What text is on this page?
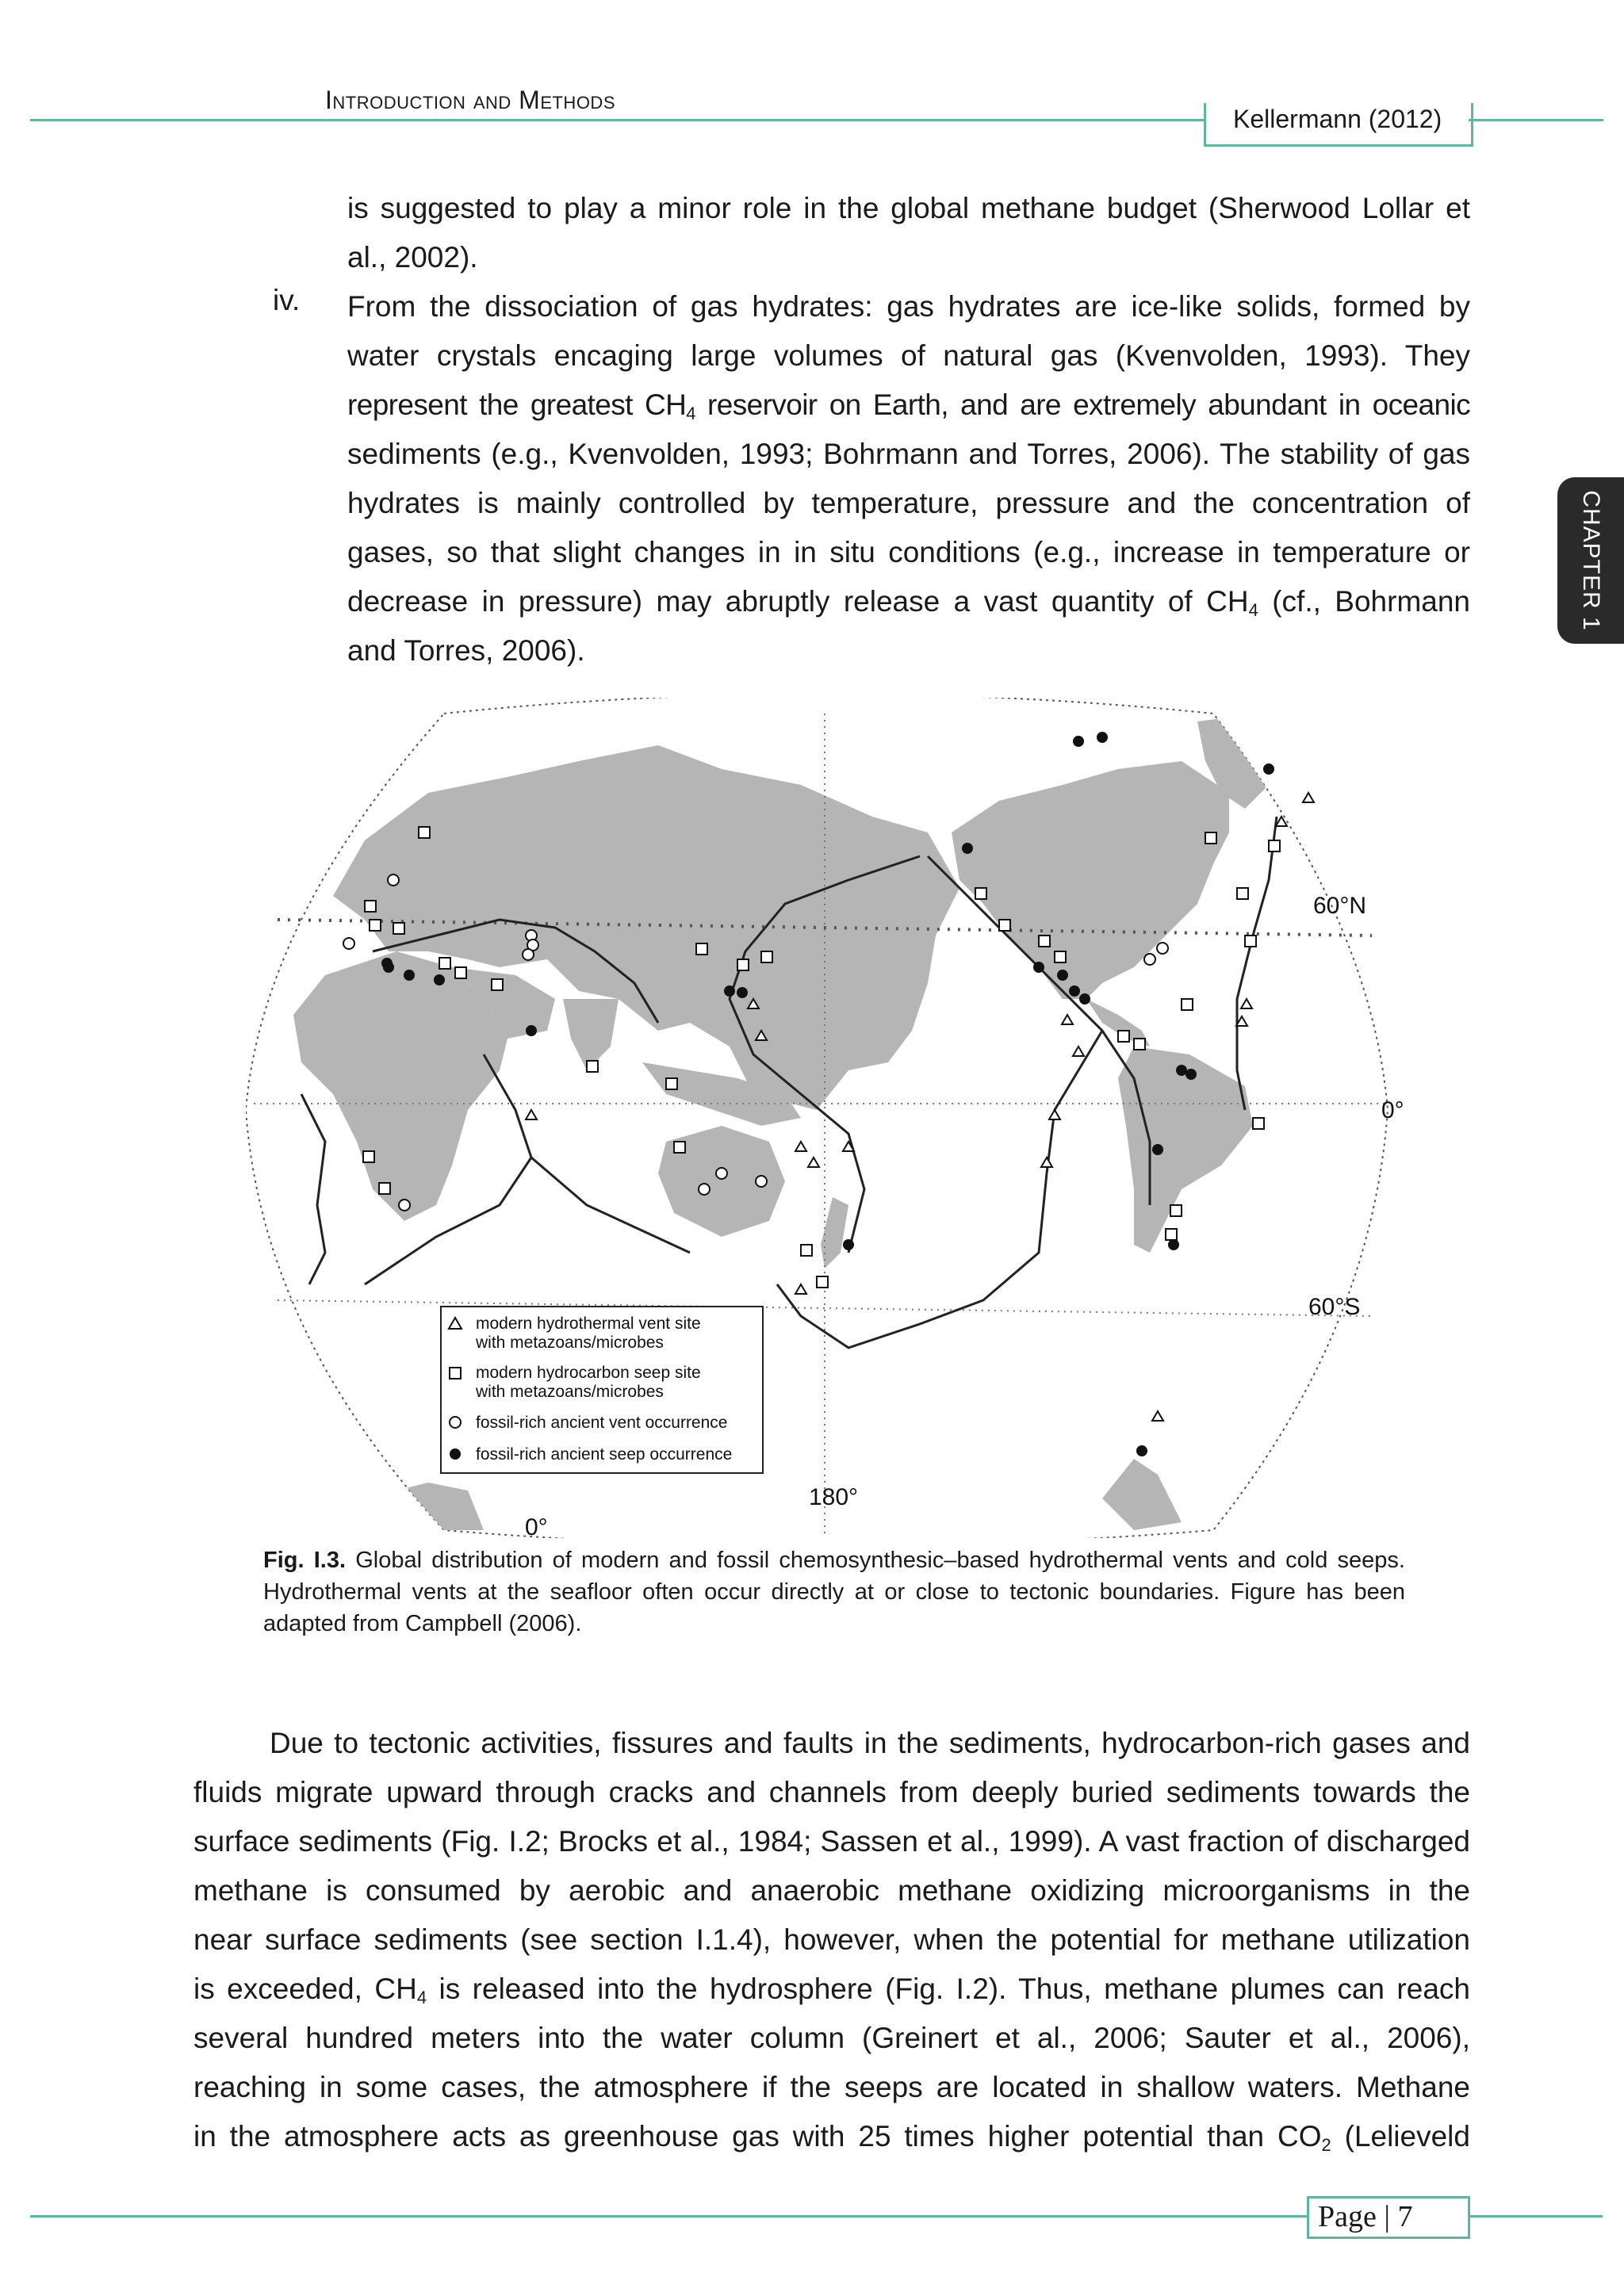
Introduction and Methods
Kellermann (2012)
CHAPTER 1
is suggested to play a minor role in the global methane budget (Sherwood Lollar et
al., 2002).
iv. From the dissociation of gas hydrates: gas hydrates are ice-like solids, formed by
water crystals encaging large volumes of natural gas (Kvenvolden, 1993). They
represent the greatest $CH_4$ reservoir on Earth, and are extremely abundant in oceanic
sediments (e.g., Kvenvolden, 1993; Bohrmann and Torres, 2006). The stability of gas
hydrates is mainly controlled by temperature, pressure and the concentration of
gases, so that slight changes in in situ conditions (e.g., increase in temperature or
decrease in pressure) may abruptly release a vast quantity of $CH_4$ (cf., Bohrmann
and Torres, 2006).
60°N
0°
60°S
180°
0°
modern hydrothermal vent site
with metazoans/microbes
modern hydrocarbon seep site
with metazoans/microbes
fossil-rich ancient vent occurrence
fossil-rich ancient seep occurrence
Fig. I.3. Global distribution of modern and fossil chemosynthesic–based hydrothermal vents and cold seeps. Hydrothermal vents at the seafloor often occur directly at or close to tectonic boundaries. Figure has been adapted from Campbell (2006).
Due to tectonic activities, fissures and faults in the sediments, hydrocarbon-rich gases and
fluids migrate upward through cracks and channels from deeply buried sediments towards the
surface sediments (Fig. I.2; Brocks et al., 1984; Sassen et al., 1999). A vast fraction of discharged
methane is consumed by aerobic and anaerobic methane oxidizing microorganisms in the
near surface sediments (see section I.1.4), however, when the potential for methane utilization
is exceeded, $CH_4$ is released into the hydrosphere (Fig. I.2). Thus, methane plumes can reach
several hundred meters into the water column (Greinert et al., 2006; Sauter et al., 2006),
reaching in some cases, the atmosphere if the seeps are located in shallow waters. Methane
in the atmosphere acts as greenhouse gas with 25 times higher potential than $CO_2$ (Lelieveld
Page | 7
